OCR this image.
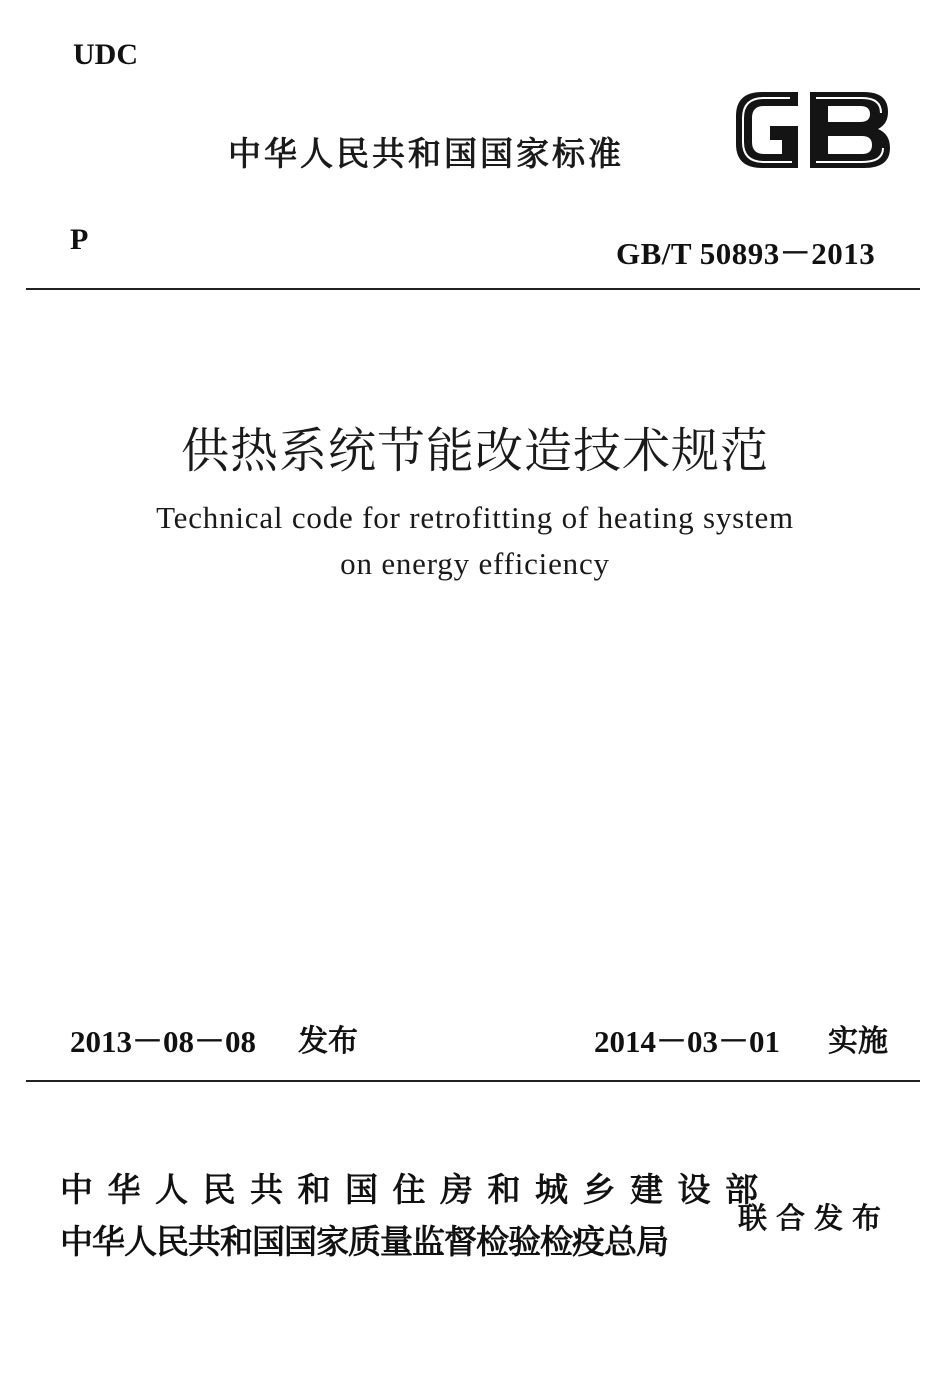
UDC
中华人民共和国国家标准
P	GB/T 50893－2013
供热系统节能改造技术规范
Technical code for retrofitting of heating system
on energy efficiency
2013－08－08 发布	2014－03－01 实施
中华人民共和国住房和城乡建设部
中华人民共和国国家质量监督检验检疫总局
联合发布
